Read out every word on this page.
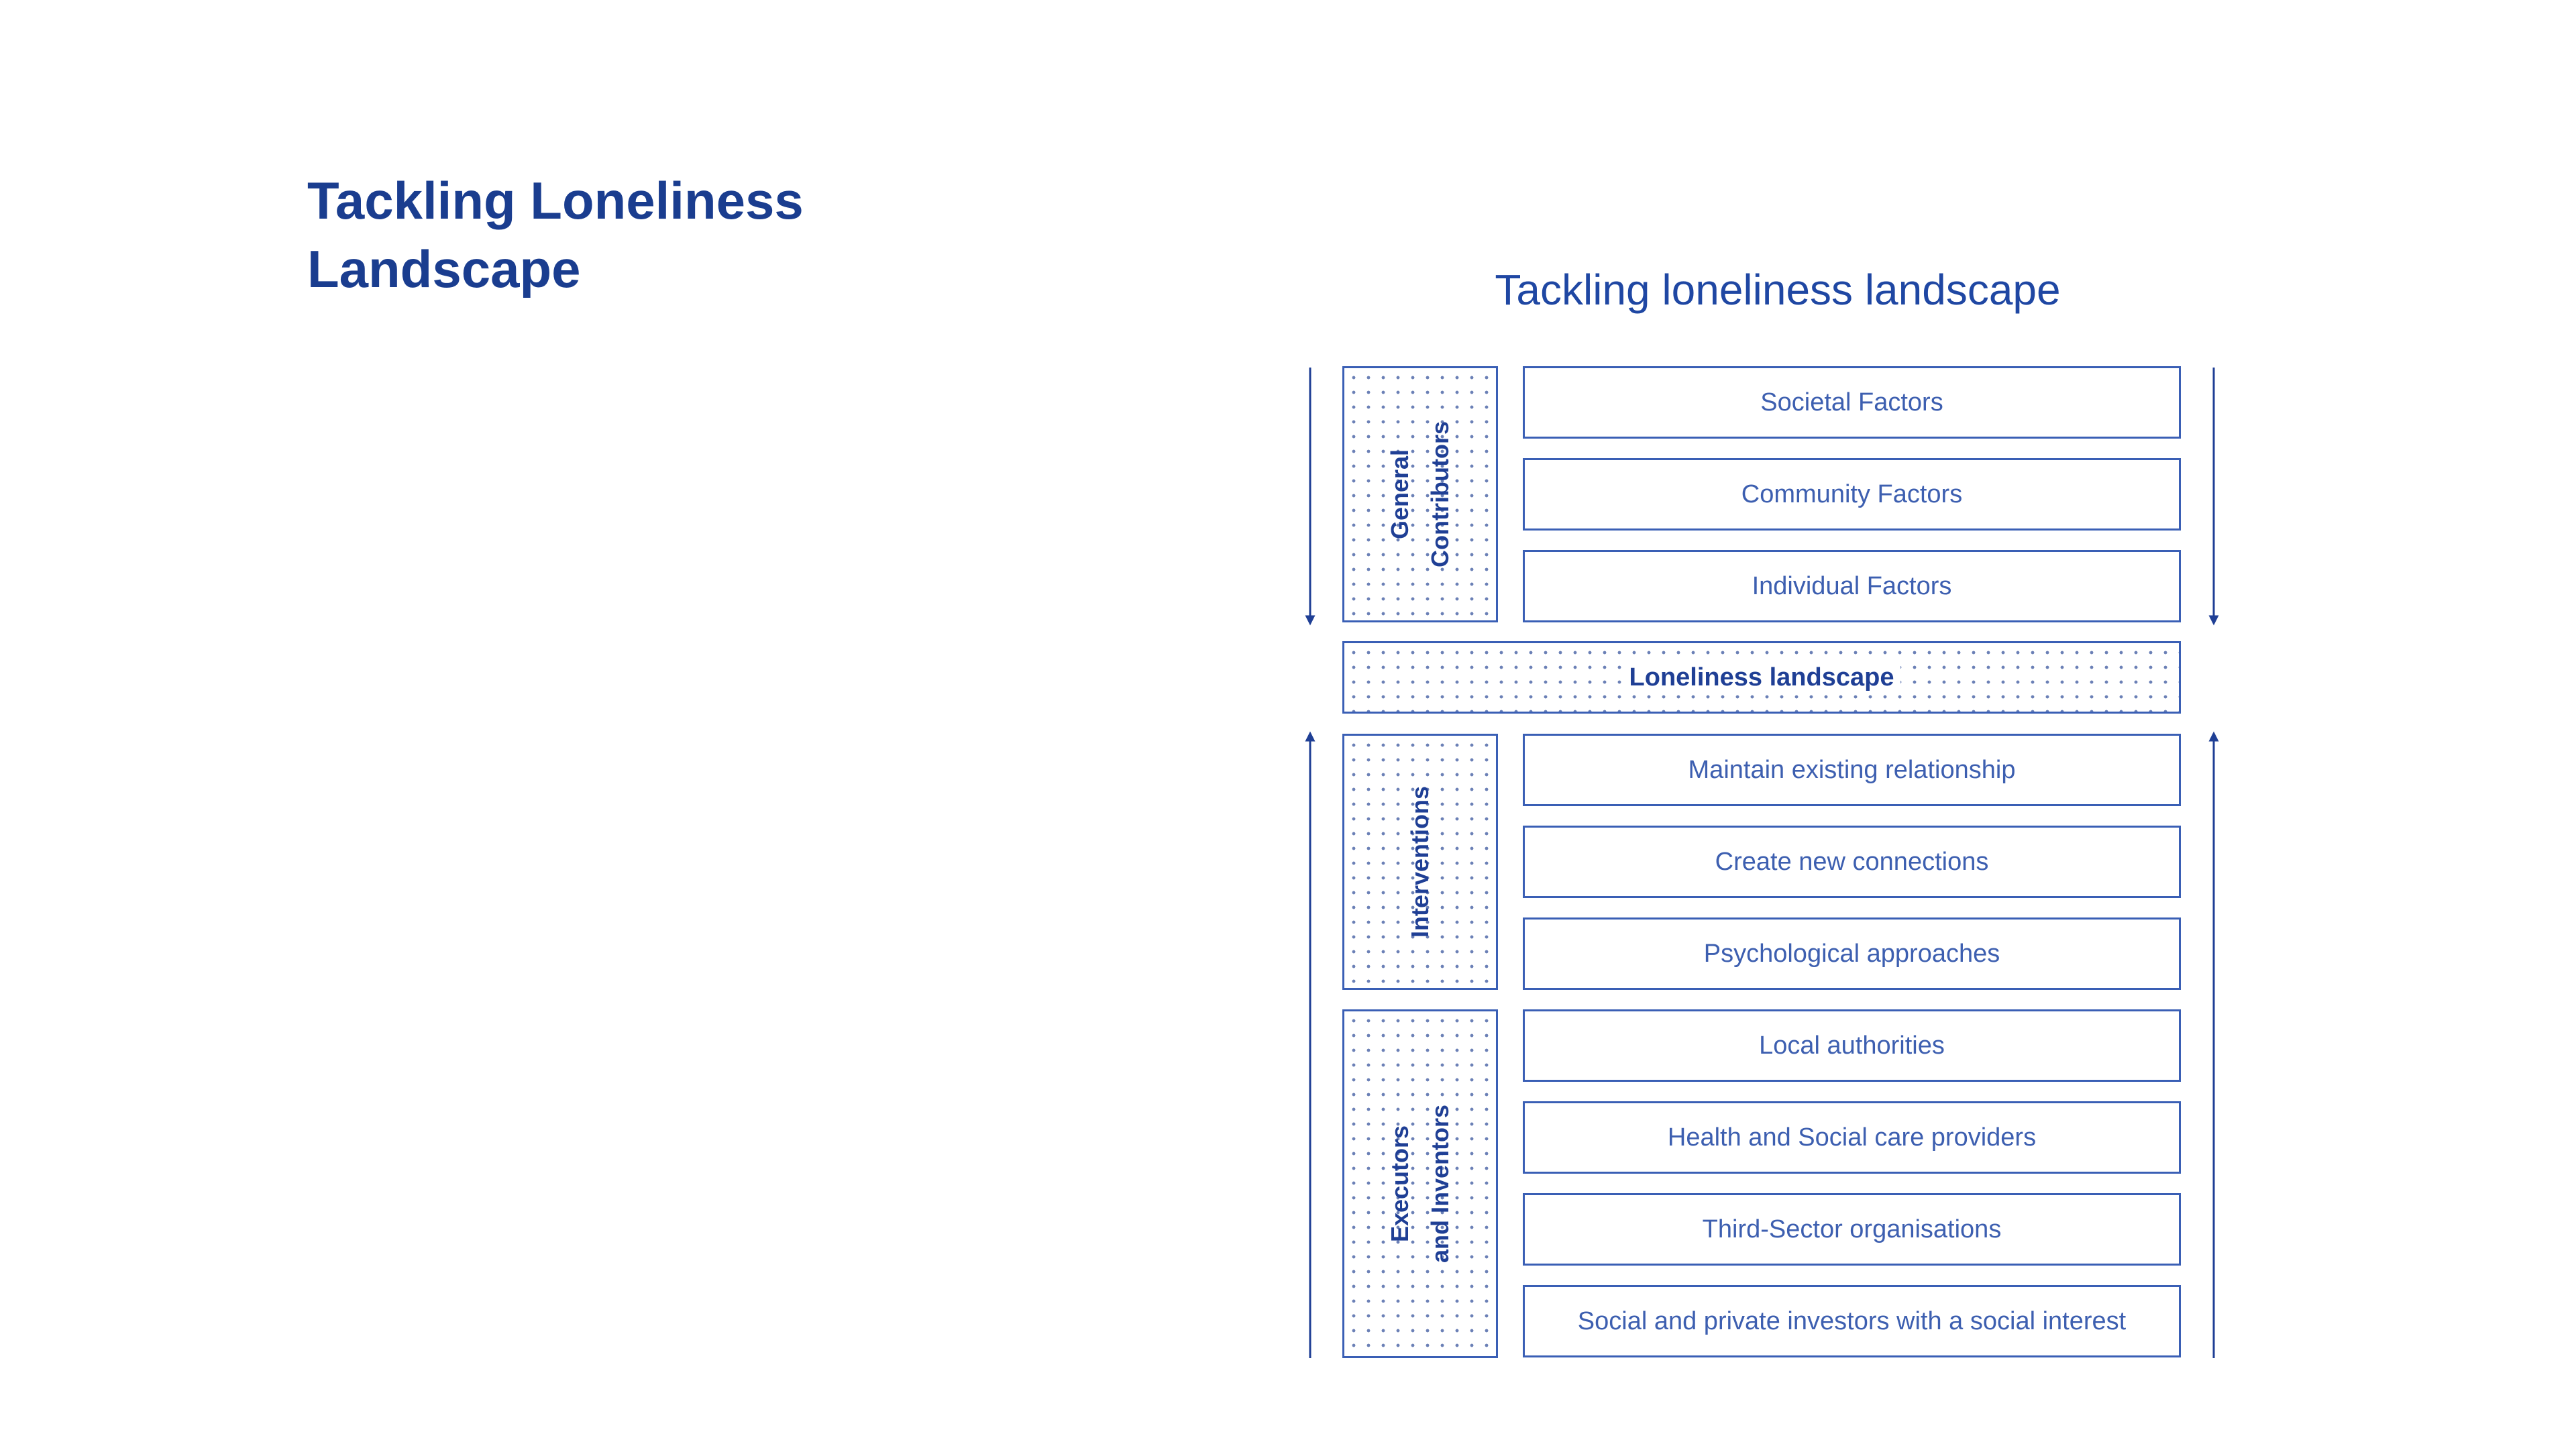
Tackling Loneliness
Landscape	Tackling loneliness landscape
General Contributors
Interventions
Executors and Inventors
Loneliness landscape
Societal Factors
Community Factors
Individual Factors
Maintain existing relationship
Create new connections
Psychological approaches
Local authorities
Health and Social care providers
Third-Sector organisations
Social and private investors with a social interest
